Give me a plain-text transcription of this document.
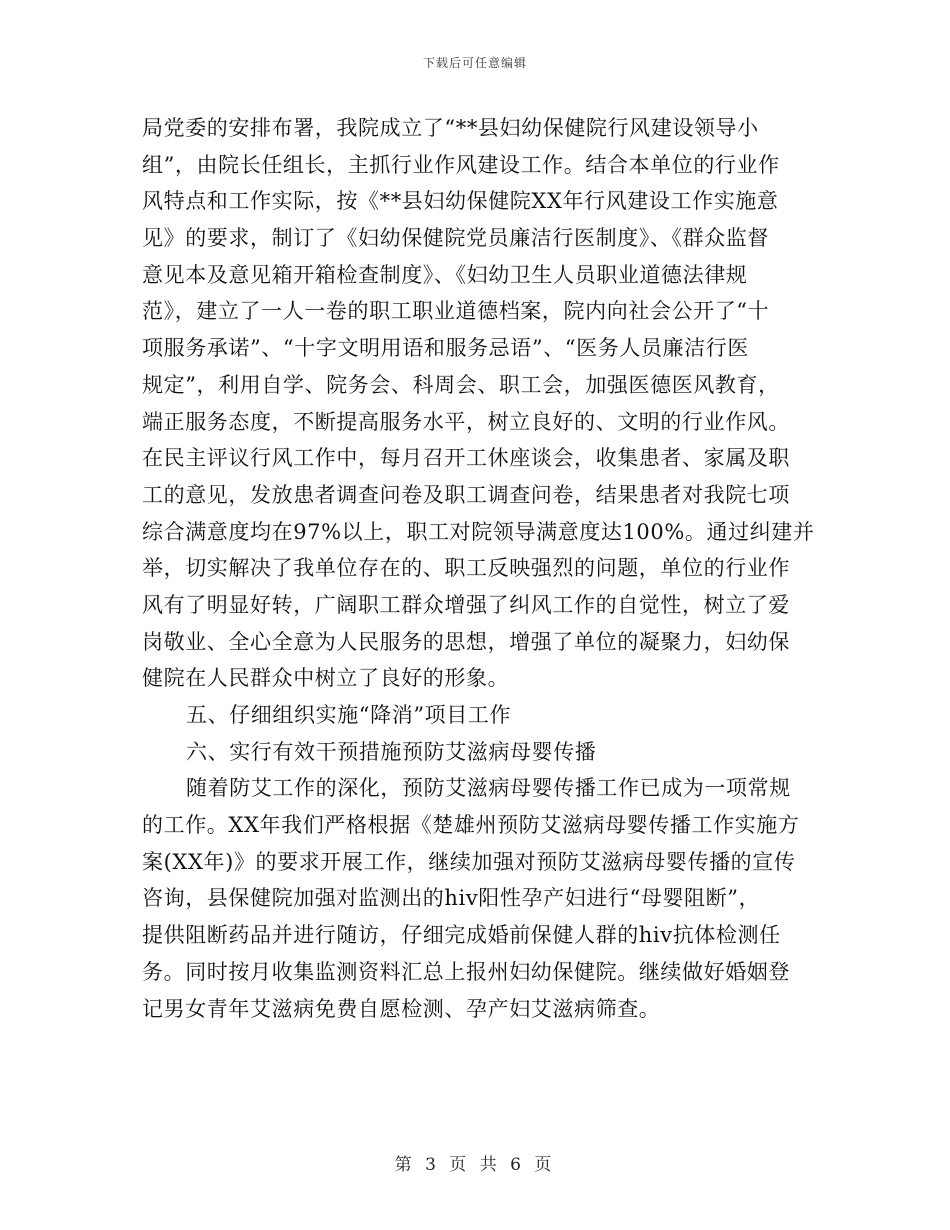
下载后可任意编辑
局党委的安排布署，我院成立了“**县妇幼保健院行风建设领导小
组”，由院长任组长，主抓行业作风建设工作。结合本单位的行业作
风特点和工作实际，按《**县妇幼保健院XX年行风建设工作实施意
见》的要求，制订了《妇幼保健院党员廉洁行医制度》、《群众监督
意见本及意见箱开箱检查制度》、《妇幼卫生人员职业道德法律规
范》，建立了一人一卷的职工职业道德档案，院内向社会公开了“十
项服务承诺”、“十字文明用语和服务忌语”、“医务人员廉洁行医
规定”，利用自学、院务会、科周会、职工会，加强医德医风教育，
端正服务态度，不断提高服务水平，树立良好的、文明的行业作风。
在民主评议行风工作中，每月召开工休座谈会，收集患者、家属及职
工的意见，发放患者调查问卷及职工调查问卷，结果患者对我院七项
综合满意度均在97%以上，职工对院领导满意度达100%。通过纠建并
举，切实解决了我单位存在的、职工反映强烈的问题，单位的行业作
风有了明显好转，广阔职工群众增强了纠风工作的自觉性，树立了爱
岗敬业、全心全意为人民服务的思想，增强了单位的凝聚力，妇幼保
健院在人民群众中树立了良好的形象。
五、仔细组织实施“降消”项目工作
六、实行有效干预措施预防艾滋病母婴传播
随着防艾工作的深化，预防艾滋病母婴传播工作已成为一项常规
的工作。XX年我们严格根据《楚雄州预防艾滋病母婴传播工作实施方
案(XX年)》的要求开展工作，继续加强对预防艾滋病母婴传播的宣传
咨询，县保健院加强对监测出的hiv阳性孕产妇进行“母婴阻断”，
提供阻断药品并进行随访，仔细完成婚前保健人群的hiv抗体检测任
务。同时按月收集监测资料汇总上报州妇幼保健院。继续做好婚姻登
记男女青年艾滋病免费自愿检测、孕产妇艾滋病筛查。
第 3 页 共 6 页
